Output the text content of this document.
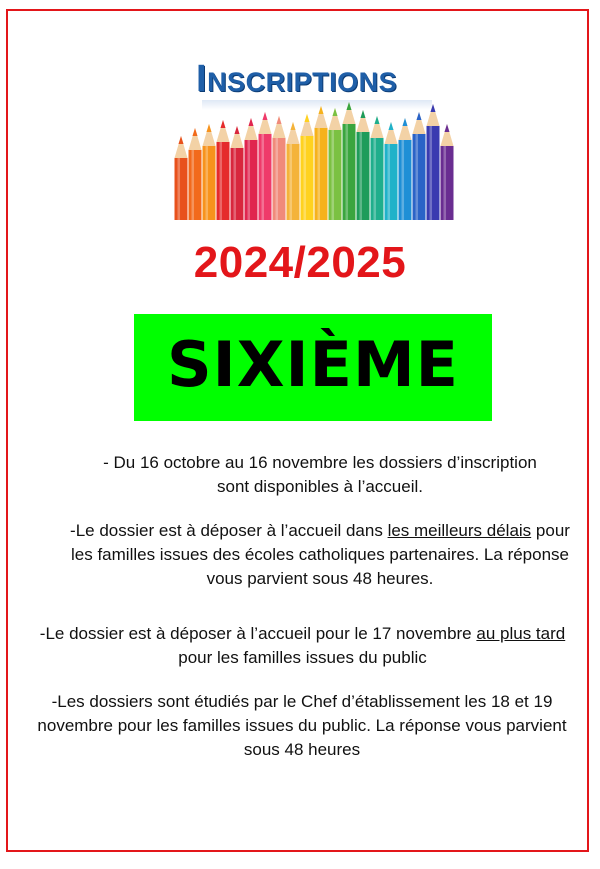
INSCRIPTIONS
2024/2025
SIXIÈME
- Du 16 octobre au 16 novembre les dossiers d’inscription
sont disponibles à l’accueil.
-Le dossier est à déposer à l’accueil dans les meilleurs délais pour les familles issues des écoles catholiques partenaires. La réponse vous parvient sous 48 heures.
-Le dossier est à déposer à l’accueil pour le 17 novembre au plus tard pour les familles issues du public
-Les dossiers sont étudiés par le Chef d’établissement les 18 et 19 novembre pour les familles issues du public. La réponse vous parvient sous 48 heures
